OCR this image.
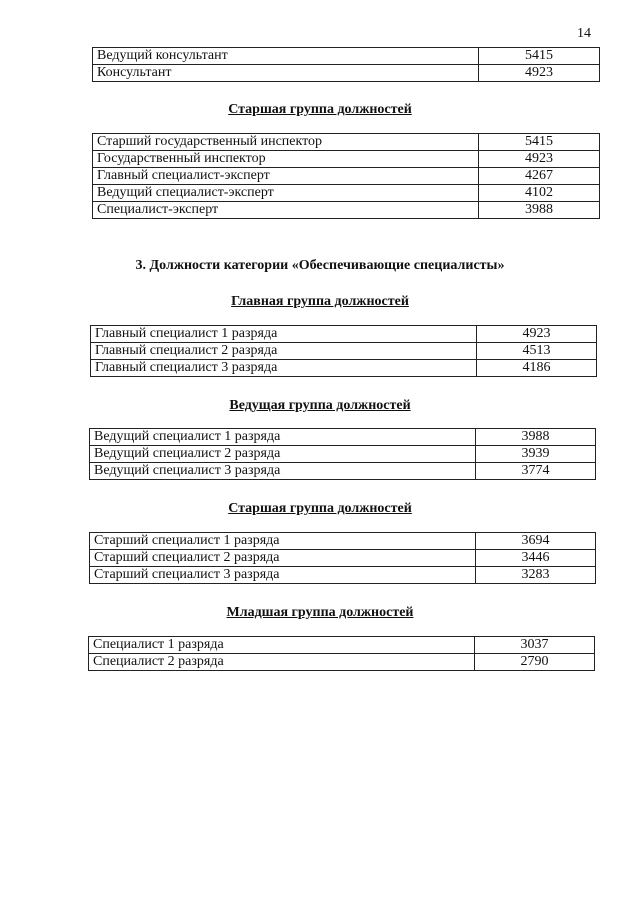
14
Ведущий консультант	5415
Консультант	4923
Старшая группа должностей
Старший государственный инспектор	5415
Государственный инспектор	4923
Главный специалист-эксперт	4267
Ведущий специалист-эксперт	4102
Специалист-эксперт	3988
3. Должности категории «Обеспечивающие специалисты»
Главная группа должностей
Главный специалист 1 разряда	4923
Главный специалист 2 разряда	4513
Главный специалист 3 разряда	4186
Ведущая группа должностей
Ведущий специалист 1 разряда	3988
Ведущий специалист 2 разряда	3939
Ведущий специалист 3 разряда	3774
Старшая группа должностей
Старший специалист 1 разряда	3694
Старший специалист 2 разряда	3446
Старший специалист 3 разряда	3283
Младшая группа должностей
Специалист 1 разряда	3037
Специалист 2 разряда	2790
